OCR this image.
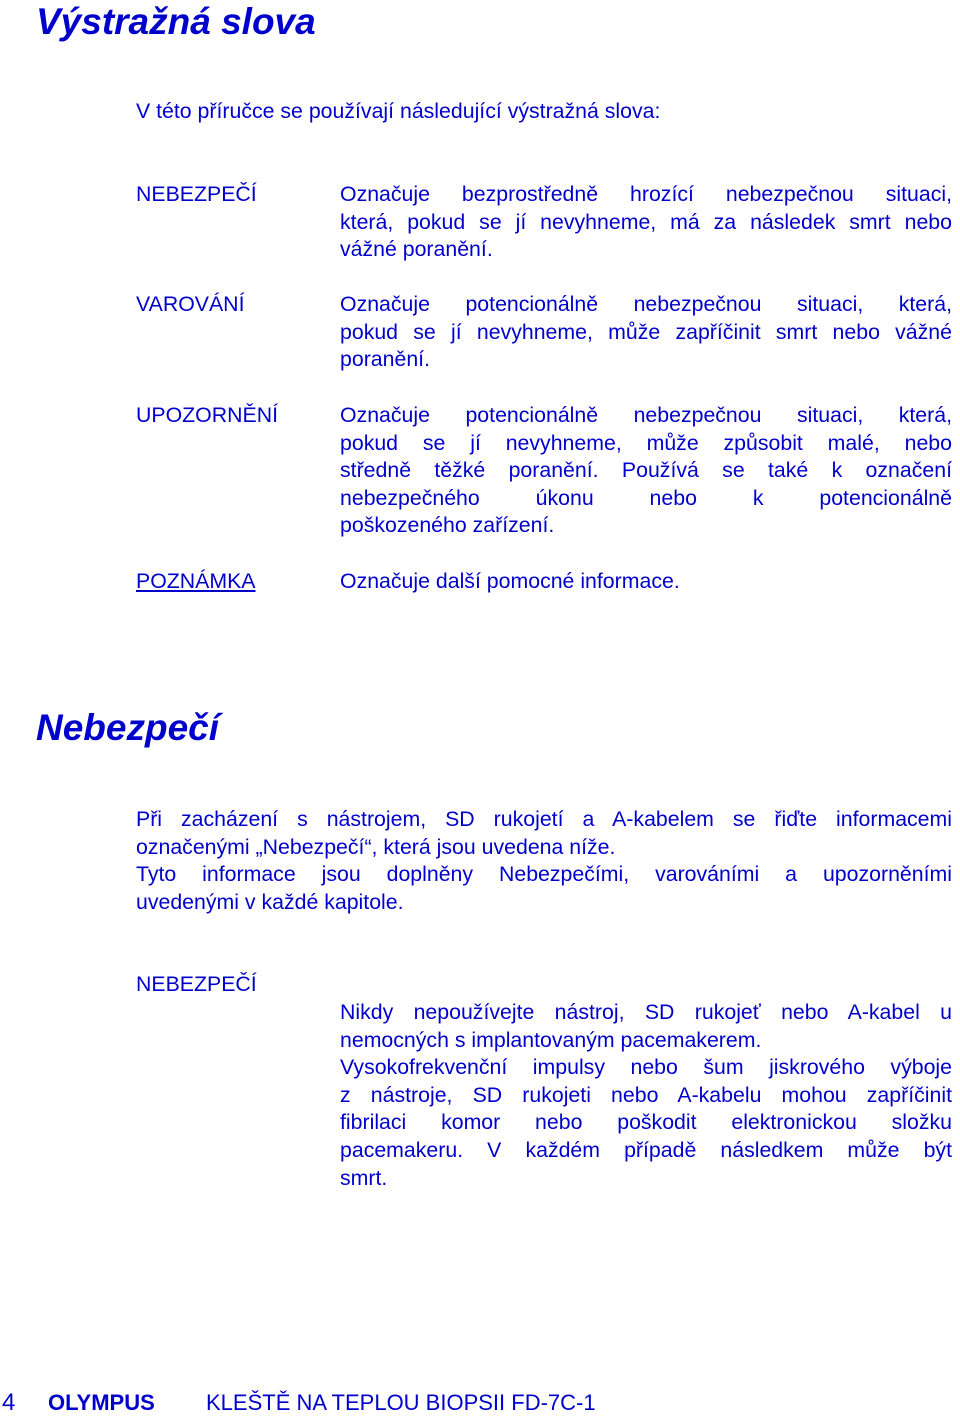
Výstražná slova
V této příručce se používají následující výstražná slova:
NEBEZPEČÍ	Označuje bezprostředně hrozící nebezpečnou situaci,
která, pokud se jí nevyhneme, má za následek smrt nebo
vážné poranění.
VAROVÁNÍ	Označuje potencionálně nebezpečnou situaci, která,
pokud se jí nevyhneme, může zapříčinit smrt nebo vážné
poranění.
UPOZORNĚNÍ	Označuje potencionálně nebezpečnou situaci, která,
pokud se jí nevyhneme, může způsobit malé, nebo
středně těžké poranění. Používá se také k označení
nebezpečného úkonu nebo k potencionálně
poškozeného zařízení.
POZNÁMKA	Označuje další pomocné informace.
Nebezpečí
Při zacházení s nástrojem, SD rukojetí a A-kabelem se řiďte informacemi
označenými „Nebezpečí“, která jsou uvedena níže.
Tyto informace jsou doplněny Nebezpečími, varováními a upozorněními
uvedenými v každé kapitole.
NEBEZPEČÍ
Nikdy nepoužívejte nástroj, SD rukojeť nebo A-kabel u
nemocných s implantovaným pacemakerem.
Vysokofrekvenční impulsy nebo šum jiskrového výboje
z nástroje, SD rukojeti nebo A-kabelu mohou zapříčinit
fibrilaci komor nebo poškodit elektronickou složku
pacemakeru. V každém případě následkem může být
smrt.
4 OLYMPUS KLEŠTĚ NA TEPLOU BIOPSII FD-7C-1
